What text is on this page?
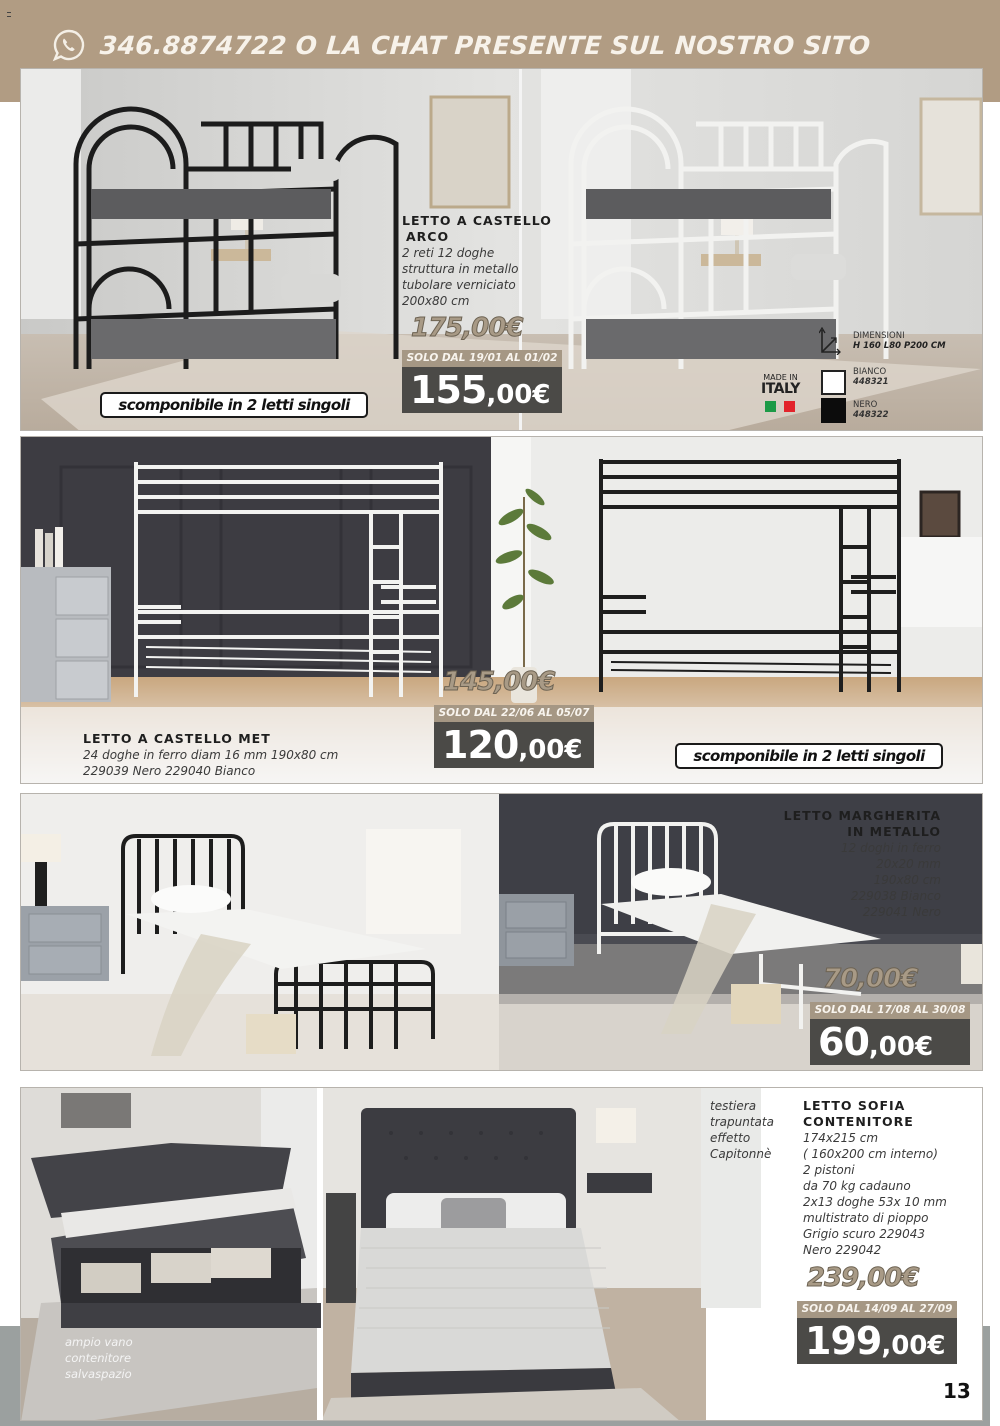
346.8874722 O LA CHAT PRESENTE SUL NOSTRO SITO
LETTO A CASTELLO
ARCO
2 reti 12 doghe
struttura in metallo
tubolare verniciato
200x80 cm
175,00€
SOLO DAL 19/01 AL 01/02
155,00€
scomponibile in 2 letti singoli
DIMENSIONI
H 160 L80 P200 CM
MADE IN
ITALY
BIANCO
448321
NERO
448322
LETTO A CASTELLO MET
24 doghe in ferro diam 16 mm 190x80 cm
229039 Nero 229040 Bianco
145,00€
SOLO DAL 22/06 AL 05/07
120,00€	scomponibile in 2 letti singoli
LETTO MARGHERITA
IN METALLO
12 doghi in ferro
20x20 mm
190x80 cm
229038 Bianco
229041 Nero
70,00€
SOLO DAL 17/08 AL 30/08
60,00€
ampio vano
contenitore
salvaspazio
testiera
trapuntata
effetto
Capitonnè
LETTO SOFIA
CONTENITORE
174x215 cm
( 160x200 cm interno)
2 pistoni
da 70 kg cadauno
2x13 doghe 53x 10 mm
multistrato di pioppo
Grigio scuro 229043
Nero 229042
239,00€
SOLO DAL 14/09 AL 27/09
199,00€
13
